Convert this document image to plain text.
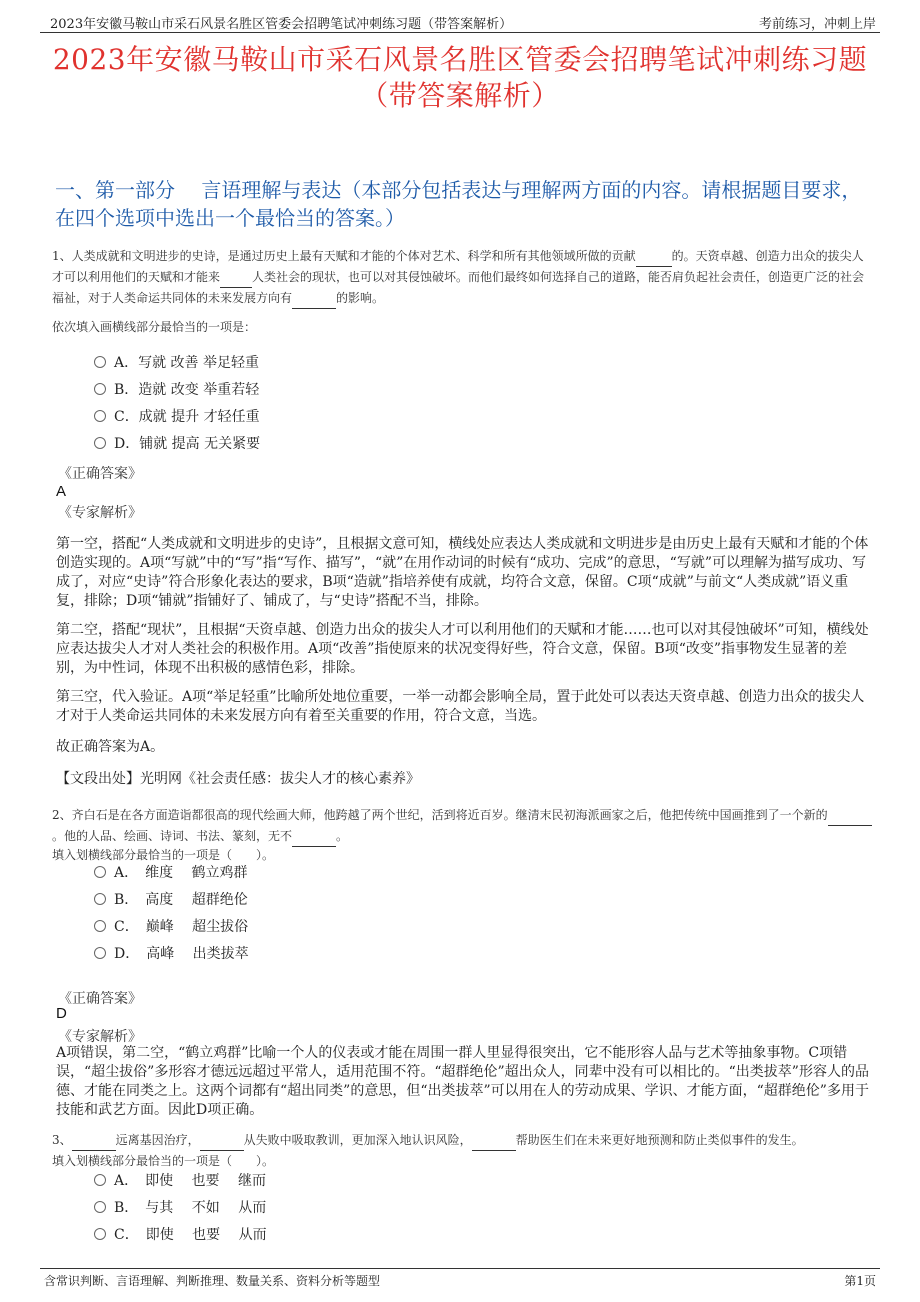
2023年安徽马鞍山市采石风景名胜区管委会招聘笔试冲刺练习题（带答案解析）	考前练习，冲刺上岸
2023年安徽马鞍山市采石风景名胜区管委会招聘笔试冲刺练习题（带答案解析）
一、第一部分　 言语理解与表达（本部分包括表达与理解两方面的内容。请根据题目要求，在四个选项中选出一个最恰当的答案。）
1、人类成就和文明进步的史诗，是通过历史上最有天赋和才能的个体对艺术、科学和所有其他领域所做的贡献	的。天资卓越、创造力出众的拔尖人才可以利用他们的天赋和才能来	人类社会的现状，也可以对其侵蚀破坏。而他们最终如何选择自己的道路，能否肩负起社会责任，创造更广泛的社会福祉，对于人类命运共同体的未来发展方向有	的影响。
依次填入画横线部分最恰当的一项是：
A．写就 改善 举足轻重
B．造就 改变 举重若轻
C．成就 提升 才轻任重
D．铺就 提高 无关紧要
《正确答案》
A
《专家解析》
第一空，搭配“人类成就和文明进步的史诗”，且根据文意可知，横线处应表达人类成就和文明进步是由历史上最有天赋和才能的个体创造实现的。A项“写就”中的“写”指“写作、描写”，“就”在用作动词的时候有“成功、完成”的意思，“写就”可以理解为描写成功、写成了，对应“史诗”符合形象化表达的要求，B项“造就”指培养使有成就，均符合文意，保留。C项“成就”与前文“人类成就”语义重复，排除；D项“铺就”指铺好了、铺成了，与“史诗”搭配不当，排除。
第二空，搭配“现状”，且根据“天资卓越、创造力出众的拔尖人才可以利用他们的天赋和才能……也可以对其侵蚀破坏”可知，横线处应表达拔尖人才对人类社会的积极作用。A项“改善”指使原来的状况变得好些，符合文意，保留。B项“改变”指事物发生显著的差别，为中性词，体现不出积极的感情色彩，排除。
第三空，代入验证。A项“举足轻重”比喻所处地位重要，一举一动都会影响全局，置于此处可以表达天资卓越、创造力出众的拔尖人才对于人类命运共同体的未来发展方向有着至关重要的作用，符合文意，当选。
故正确答案为A。
【文段出处】光明网《社会责任感：拔尖人才的核心素养》
2、齐白石是在各方面造诣都很高的现代绘画大师，他跨越了两个世纪，活到将近百岁。继清末民初海派画家之后，他把传统中国画推到了一个新的 。他的人品、绘画、诗词、书法、篆刻，无不	。
填入划横线部分最恰当的一项是（　　）。
A．　维度　 鹤立鸡群
B．　高度　 超群绝伦
C．　巅峰　 超尘拔俗
D．　高峰　 出类拔萃
《正确答案》
D
《专家解析》
A项错误，第二空，“鹤立鸡群”比喻一个人的仪表或才能在周围一群人里显得很突出，它不能形容人品与艺术等抽象事物。C项错误，“超尘拔俗”多形容才德远远超过平常人，适用范围不符。“超群绝伦”超出众人，同辈中没有可以相比的。“出类拔萃”形容人的品德、才能在同类之上。这两个词都有“超出同类”的意思，但“出类拔萃”可以用在人的劳动成果、学识、才能方面，“超群绝伦”多用于技能和武艺方面。因此D项正确。
3、	远离基因治疗，	从失败中吸取教训，更加深入地认识风险，	帮助医生们在未来更好地预测和防止类似事件的发生。
填入划横线部分最恰当的一项是（　　）。
A．　即使　 也要　 继而
B．　与其　 不如　 从而
C．　即使　 也要　 从而
含常识判断、言语理解、判断推理、数量关系、资料分析等题型	第1页
